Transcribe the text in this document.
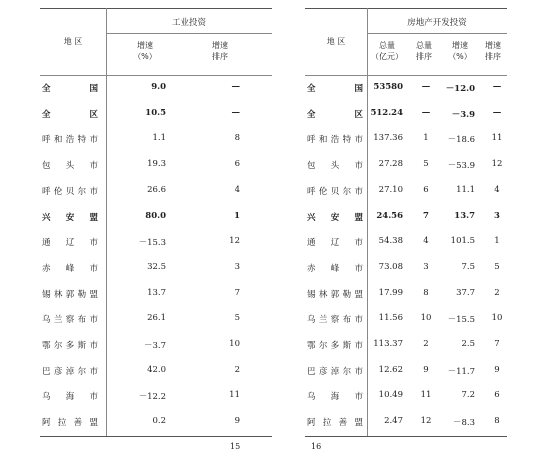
地 区
工业投资
增速
（%）
增速
排序
全 国	9.0	—
全 区	10.5	—
呼和浩特市	1.1	8
包 头 市	19.3	6
呼伦贝尔市	26.6	4
兴 安 盟	80.0	1
通 辽 市	－15.3	12
赤 峰 市	32.5	3
锡林郭勒盟	13.7	7
乌兰察布市	26.1	5
鄂尔多斯市	－3.7	10
巴彦淖尔市	42.0	2
乌 海 市	－12.2	11
阿 拉 善 盟	0.2	9
15
地 区
房地产开发投资
总量
（亿元）
总量
排序
增速
（%）
增速
排序
全 国	53580	—	－12.0	—
全 区 512.24	—	－3.9	—
呼和浩特市	137.36	1	－18.6	11
包 头 市	27.28	5	－53.9	12
呼伦贝尔市	27.10	6	11.1	4
兴 安 盟	24.56	7	13.7	3
通 辽 市	54.38	4	101.5	1
赤 峰 市	73.08	3	7.5	5
锡林郭勒盟	17.99	8	37.7	2
乌兰察布市	11.56 10	－15.5	10
鄂尔多斯市	113.37	2	2.5	7
巴彦淖尔市	12.62	9	－11.7	9
乌 海 市	10.49 11	7.2	6
阿 拉 善 盟	2.47 12	－8.3	8
16
